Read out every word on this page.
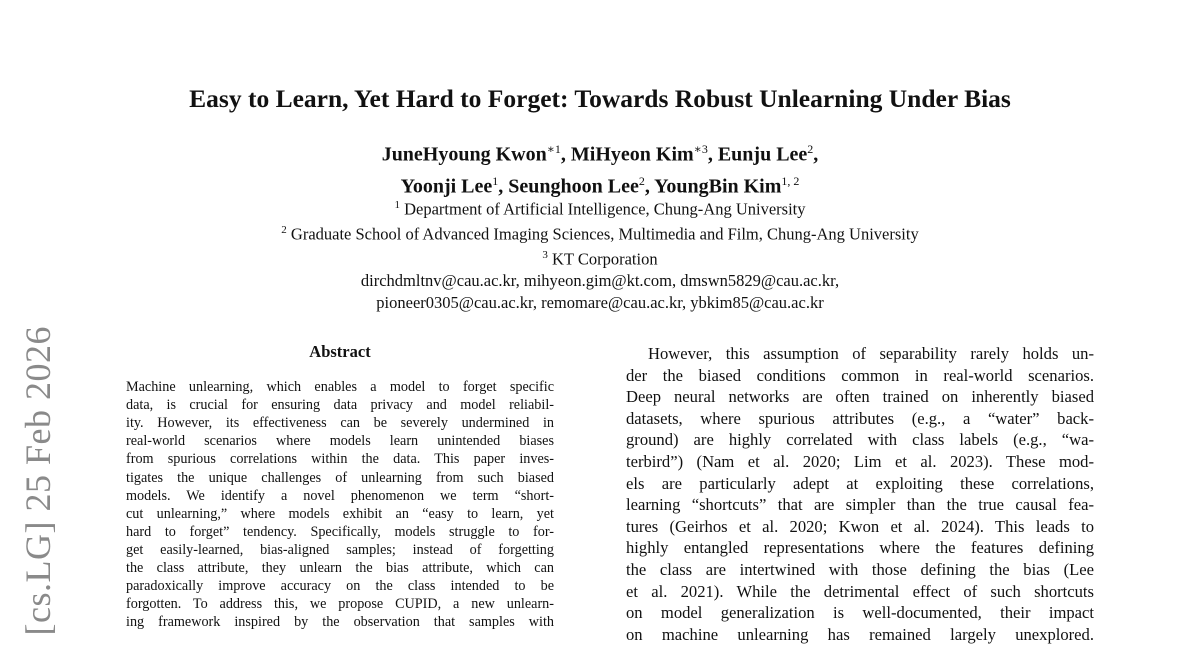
[cs.LG] 25 Feb 2026
Easy to Learn, Yet Hard to Forget: Towards Robust Unlearning Under Bias
JuneHyoung Kwon$^{∗1}$, MiHyeon Kim$^{∗3}$, Eunju Lee$^2$,
Yoonji Lee$^1$, Seunghoon Lee$^2$, YoungBin Kim$^{1, 2}$
$^1$ Department of Artificial Intelligence, Chung-Ang University
$^2$ Graduate School of Advanced Imaging Sciences, Multimedia and Film, Chung-Ang University
$^3$ KT Corporation
dirchdmltnv@cau.ac.kr, mihyeon.gim@kt.com, dmswn5829@cau.ac.kr,
pioneer0305@cau.ac.kr, remomare@cau.ac.kr, ybkim85@cau.ac.kr
Abstract
Machine unlearning, which enables a model to forget specific
data, is crucial for ensuring data privacy and model reliabil-
ity. However, its effectiveness can be severely undermined in
real-world scenarios where models learn unintended biases
from spurious correlations within the data. This paper inves-
tigates the unique challenges of unlearning from such biased
models. We identify a novel phenomenon we term “short-
cut unlearning,” where models exhibit an “easy to learn, yet
hard to forget” tendency. Specifically, models struggle to for-
get easily-learned, bias-aligned samples; instead of forgetting
the class attribute, they unlearn the bias attribute, which can
paradoxically improve accuracy on the class intended to be
forgotten. To address this, we propose CUPID, a new unlearn-
ing framework inspired by the observation that samples with
However, this assumption of separability rarely holds un-
der the biased conditions common in real-world scenarios.
Deep neural networks are often trained on inherently biased
datasets, where spurious attributes (e.g., a “water” back-
ground) are highly correlated with class labels (e.g., “wa-
terbird”) (Nam et al. 2020; Lim et al. 2023). These mod-
els are particularly adept at exploiting these correlations,
learning “shortcuts” that are simpler than the true causal fea-
tures (Geirhos et al. 2020; Kwon et al. 2024). This leads to
highly entangled representations where the features defining
the class are intertwined with those defining the bias (Lee
et al. 2021). While the detrimental effect of such shortcuts
on model generalization is well-documented, their impact
on machine unlearning has remained largely unexplored.
